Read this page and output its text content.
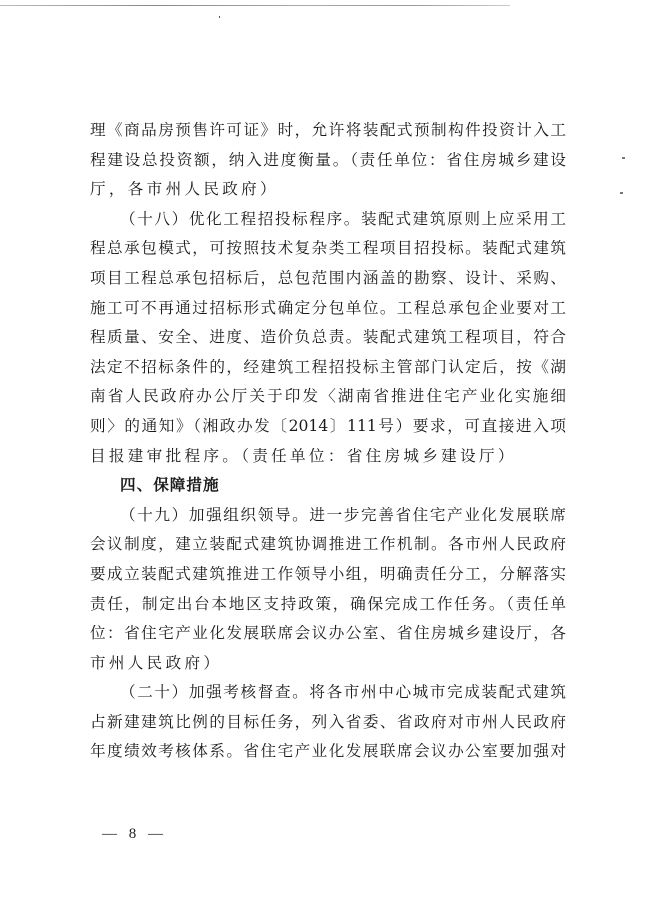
理《商品房预售许可证》时，允许将装配式预制构件投资计入工
程建设总投资额，纳入进度衡量。（责任单位：省住房城乡建设
厅，各市州人民政府）
（十八）优化工程招投标程序。装配式建筑原则上应采用工
程总承包模式，可按照技术复杂类工程项目招投标。装配式建筑
项目工程总承包招标后，总包范围内涵盖的勘察、设计、采购、
施工可不再通过招标形式确定分包单位。工程总承包企业要对工
程质量、安全、进度、造价负总责。装配式建筑工程项目，符合
法定不招标条件的，经建筑工程招投标主管部门认定后，按《湖
南省人民政府办公厅关于印发〈湖南省推进住宅产业化实施细
则〉的通知》（湘政办发〔2014〕111号）要求，可直接进入项
目报建审批程序。（责任单位：省住房城乡建设厅）
四、保障措施
（十九）加强组织领导。进一步完善省住宅产业化发展联席
会议制度，建立装配式建筑协调推进工作机制。各市州人民政府
要成立装配式建筑推进工作领导小组，明确责任分工，分解落实
责任，制定出台本地区支持政策，确保完成工作任务。（责任单
位：省住宅产业化发展联席会议办公室、省住房城乡建设厅，各
市州人民政府）
（二十）加强考核督查。将各市州中心城市完成装配式建筑
占新建建筑比例的目标任务，列入省委、省政府对市州人民政府
年度绩效考核体系。省住宅产业化发展联席会议办公室要加强对
— 8 —
